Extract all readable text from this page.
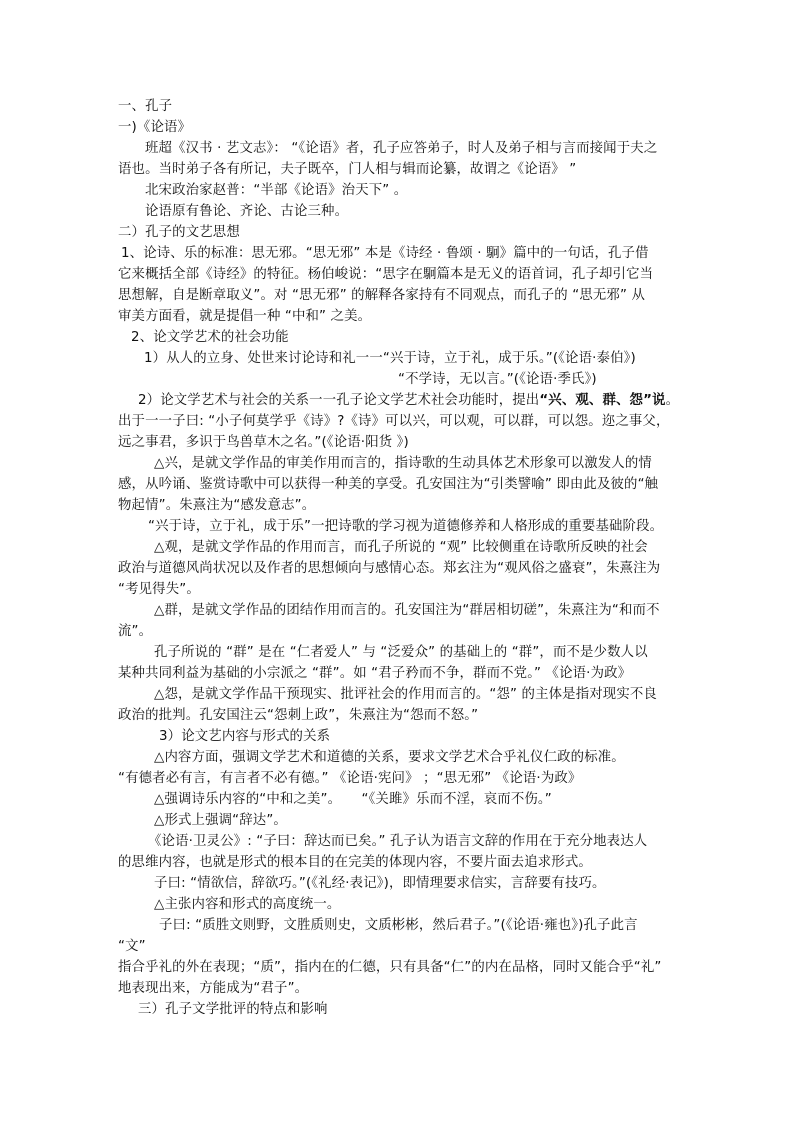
一、孔子
一)《论语》
班超《汉书 · 艺文志》： “《论语》者，孔子应答弟子，时人及弟子相与言而接闻于夫之
语也。当时弟子各有所记，夫子既卒，门人相与辑而论纂，故谓之《论语》 ”
北宋政治家赵普：“半部《论语》治天下” 。
论语原有鲁论、齐论、古论三种。
二）孔子的文艺思想
1、论诗、乐的标准：思无邪。“思无邪” 本是《诗经 · 鲁颂 · 駉》篇中的一句话，孔子借
它来概括全部《诗经》的特征。杨伯峻说：“思字在駉篇本是无义的语首词，孔子却引它当
思想解，自是断章取义”。对 “思无邪” 的解释各家持有不同观点，而孔子的 “思无邪” 从
审美方面看，就是提倡一种 “中和” 之美。
2、论文学艺术的社会功能
1）从人的立身、处世来讨论诗和礼一一“兴于诗，立于礼，成于乐。”(《论语·泰伯》)
“不学诗，无以言。”(《论语·季氏》)
2）论文学艺术与社会的关系一一孔子论文学艺术社会功能时，提出“兴、观、群、怨”说。
出于一一子曰: “小子何莫学乎《诗》?《诗》可以兴，可以观，可以群，可以怨。迩之事父，
远之事君，多识于鸟兽草木之名。”(《论语·阳货 》)
△兴，是就文学作品的审美作用而言的，指诗歌的生动具体艺术形象可以激发人的情
感，从吟诵、鉴赏诗歌中可以获得一种美的享受。孔安国注为“引类譬喻” 即由此及彼的“触
物起情”。朱熹注为“感发意志”。
“兴于诗，立于礼，成于乐”一把诗歌的学习视为道德修养和人格形成的重要基础阶段。
△观，是就文学作品的作用而言，而孔子所说的 “观” 比较侧重在诗歌所反映的社会
政治与道德风尚状况以及作者的思想倾向与感情心态。郑玄注为“观风俗之盛衰”，朱熹注为
“考见得失”。
△群，是就文学作品的团结作用而言的。孔安国注为“群居相切磋”，朱熹注为“和而不
流”。
孔子所说的 “群” 是在 “仁者爱人” 与 “泛爱众” 的基础上的 “群”，而不是少数人以
某种共同利益为基础的小宗派之 “群”。如 “君子矜而不争，群而不党。” 《论语·为政》
△怨，是就文学作品干预现实、批评社会的作用而言的。“怨” 的主体是指对现实不良
政治的批判。孔安国注云“怨刺上政”，朱熹注为“怨而不怒。”
3）论文艺内容与形式的关系
△内容方面，强调文学艺术和道德的关系，要求文学艺术合乎礼仪仁政的标准。
“有德者必有言，有言者不必有德。” 《论语·宪问》 ；“思无邪” 《论语·为政》
△强调诗乐内容的“中和之美”。　　“《关雎》乐而不淫，哀而不伤。”
△形式上强调“辞达”。
《论语·卫灵公》: “子曰：辞达而已矣。” 孔子认为语言文辞的作用在于充分地表达人
的思维内容，也就是形式的根本目的在完美的体现内容，不要片面去追求形式。
子曰: “情欲信，辞欲巧。”(《礼经·表记》)，即情理要求信实，言辞要有技巧。
△主张内容和形式的高度统一。
子曰: “质胜文则野，文胜质则史，文质彬彬，然后君子。”(《论语·雍也》)孔子此言
“文”
指合乎礼的外在表现；“质”，指内在的仁德，只有具备“仁”的内在品格，同时又能合乎“礼”
地表现出来，方能成为“君子”。
三）孔子文学批评的特点和影响
